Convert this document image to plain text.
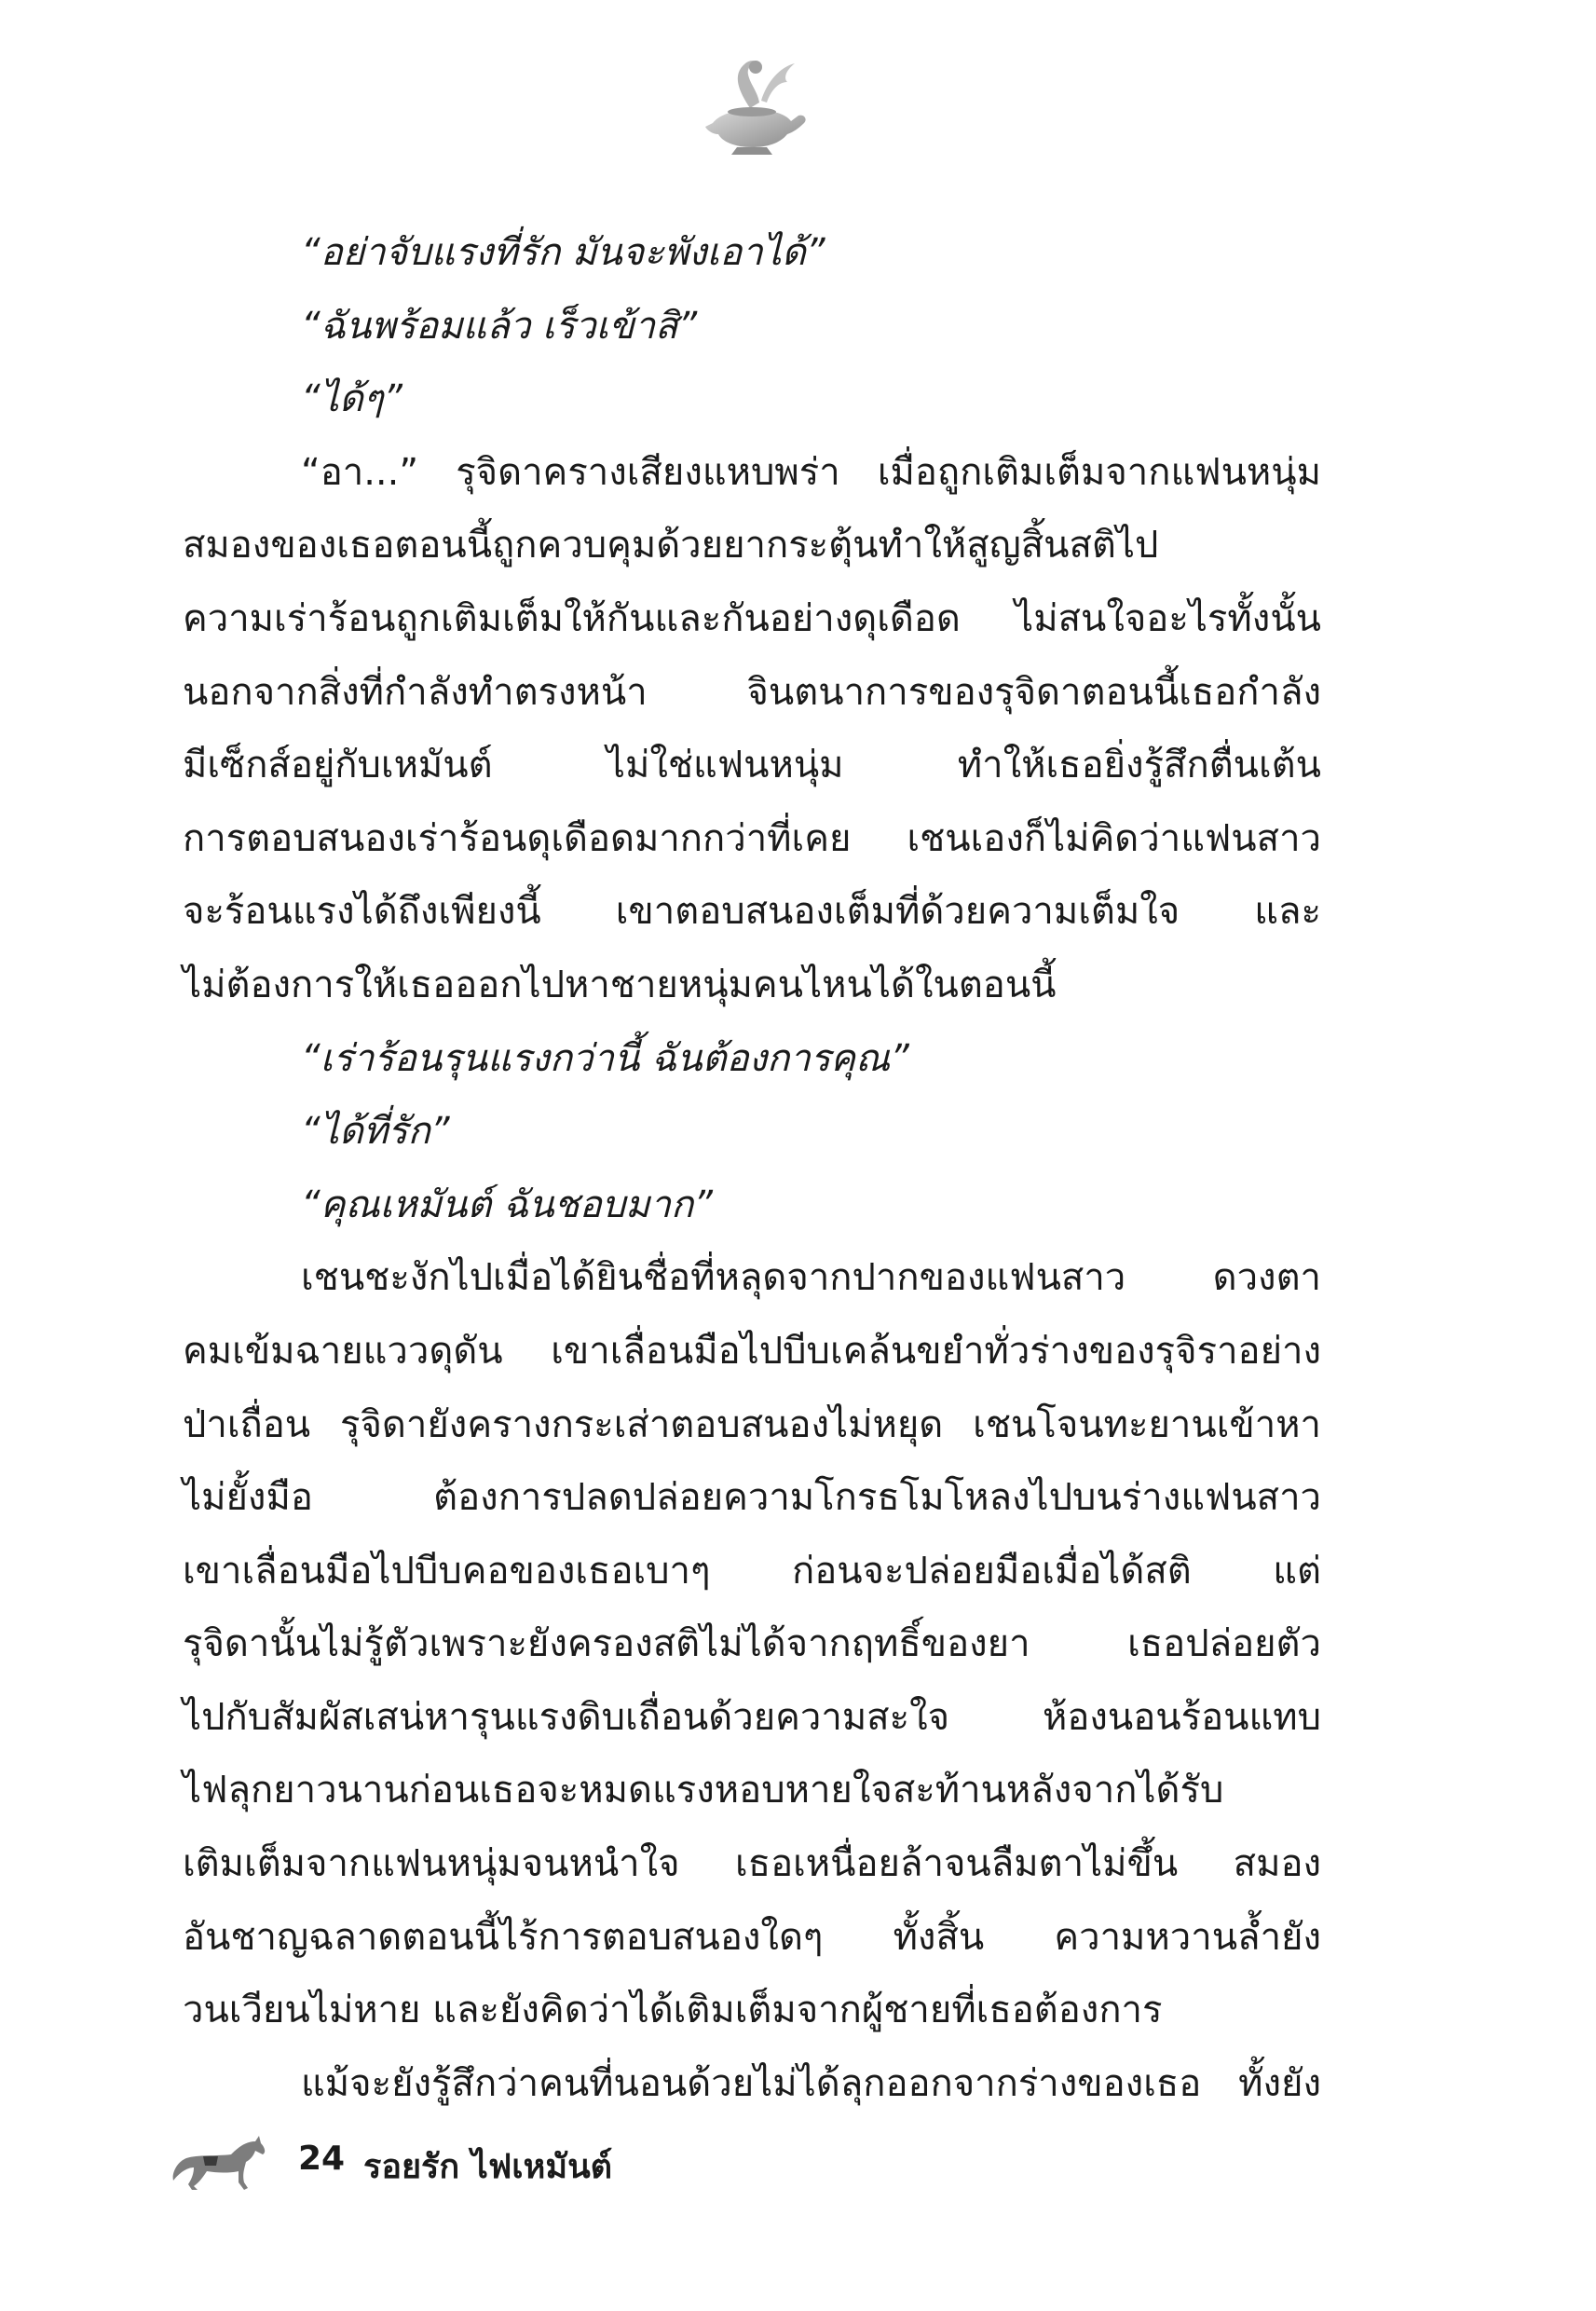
“อย่าจับแรงที่รัก มันจะพังเอาได้”

“ฉันพร้อมแล้ว เร็วเข้าสิ”

“ได้ๆ”

“อา...” รุจิดาครางเสียงแหบพร่า เมื่อถูกเติมเต็มจากแฟนหนุ่ม

สมองของเธอตอนนี้ถูกควบคุมด้วยยากระตุ้นทำให้สูญสิ้นสติไป

ความเร่าร้อนถูกเติมเต็มให้กันและกันอย่างดุเดือด ไม่สนใจอะไรทั้งนั้น

นอกจากสิ่งที่กำลังทำตรงหน้า จินตนาการของรุจิดาตอนนี้เธอกำลัง

มีเซ็กส์อยู่กับเหมันต์ ไม่ใช่แฟนหนุ่ม ทำให้เธอยิ่งรู้สึกตื่นเต้น

การตอบสนองเร่าร้อนดุเดือดมากกว่าที่เคย เชนเองก็ไม่คิดว่าแฟนสาว

จะร้อนแรงได้ถึงเพียงนี้ เขาตอบสนองเต็มที่ด้วยความเต็มใจ และ

ไม่ต้องการให้เธอออกไปหาชายหนุ่มคนไหนได้ในตอนนี้

“เร่าร้อนรุนแรงกว่านี้ ฉันต้องการคุณ”

“ได้ที่รัก”

“คุณเหมันต์ ฉันชอบมาก”

เชนชะงักไปเมื่อได้ยินชื่อที่หลุดจากปากของแฟนสาว ดวงตา

คมเข้มฉายแววดุดัน เขาเลื่อนมือไปบีบเคล้นขยำทั่วร่างของรุจิราอย่าง

ป่าเถื่อน รุจิดายังครางกระเส่าตอบสนองไม่หยุด เชนโจนทะยานเข้าหา

ไม่ยั้งมือ ต้องการปลดปล่อยความโกรธโมโหลงไปบนร่างแฟนสาว

เขาเลื่อนมือไปบีบคอของเธอเบาๆ ก่อนจะปล่อยมือเมื่อได้สติ แต่

รุจิดานั้นไม่รู้ตัวเพราะยังครองสติไม่ได้จากฤทธิ์ของยา เธอปล่อยตัว

ไปกับสัมผัสเสน่หารุนแรงดิบเถื่อนด้วยความสะใจ ห้องนอนร้อนแทบ

ไฟลุกยาวนานก่อนเธอจะหมดแรงหอบหายใจสะท้านหลังจากได้รับ

เติมเต็มจากแฟนหนุ่มจนหนำใจ เธอเหนื่อยล้าจนลืมตาไม่ขึ้น สมอง

อันชาญฉลาดตอนนี้ไร้การตอบสนองใดๆ ทั้งสิ้น ความหวานล้ำยัง

วนเวียนไม่หาย และยังคิดว่าได้เติมเต็มจากผู้ชายที่เธอต้องการ

แม้จะยังรู้สึกว่าคนที่นอนด้วยไม่ได้ลุกออกจากร่างของเธอ ทั้งยัง

24 รอยรัก ไฟเหมันต์
